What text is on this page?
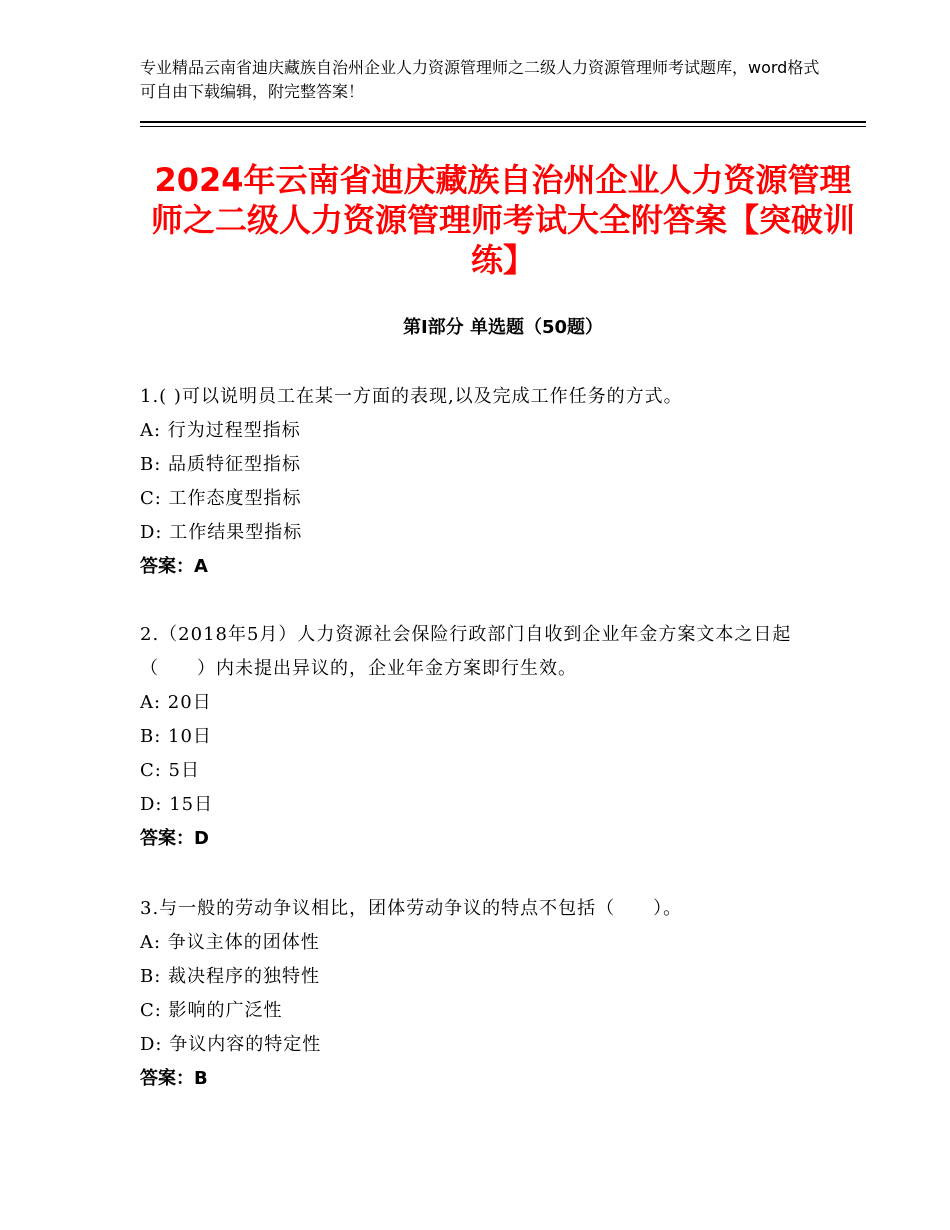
专业精品云南省迪庆藏族自治州企业人力资源管理师之二级人力资源管理师考试题库，word格式可自由下载编辑，附完整答案！
2024年云南省迪庆藏族自治州企业人力资源管理师之二级人力资源管理师考试大全附答案【突破训练】
第Ⅰ部分 单选题（50题）
1.( )可以说明员工在某一方面的表现,以及完成工作任务的方式。
A: 行为过程型指标
B: 品质特征型指标
C: 工作态度型指标
D: 工作结果型指标
答案：A
2.（2018年5月）人力资源社会保险行政部门自收到企业年金方案文本之日起（　　）内未提出异议的，企业年金方案即行生效。
A: 20日
B: 10日
C: 5日
D: 15日
答案：D
3.与一般的劳动争议相比，团体劳动争议的特点不包括（　　）。
A: 争议主体的团体性
B: 裁决程序的独特性
C: 影响的广泛性
D: 争议内容的特定性
答案：B
